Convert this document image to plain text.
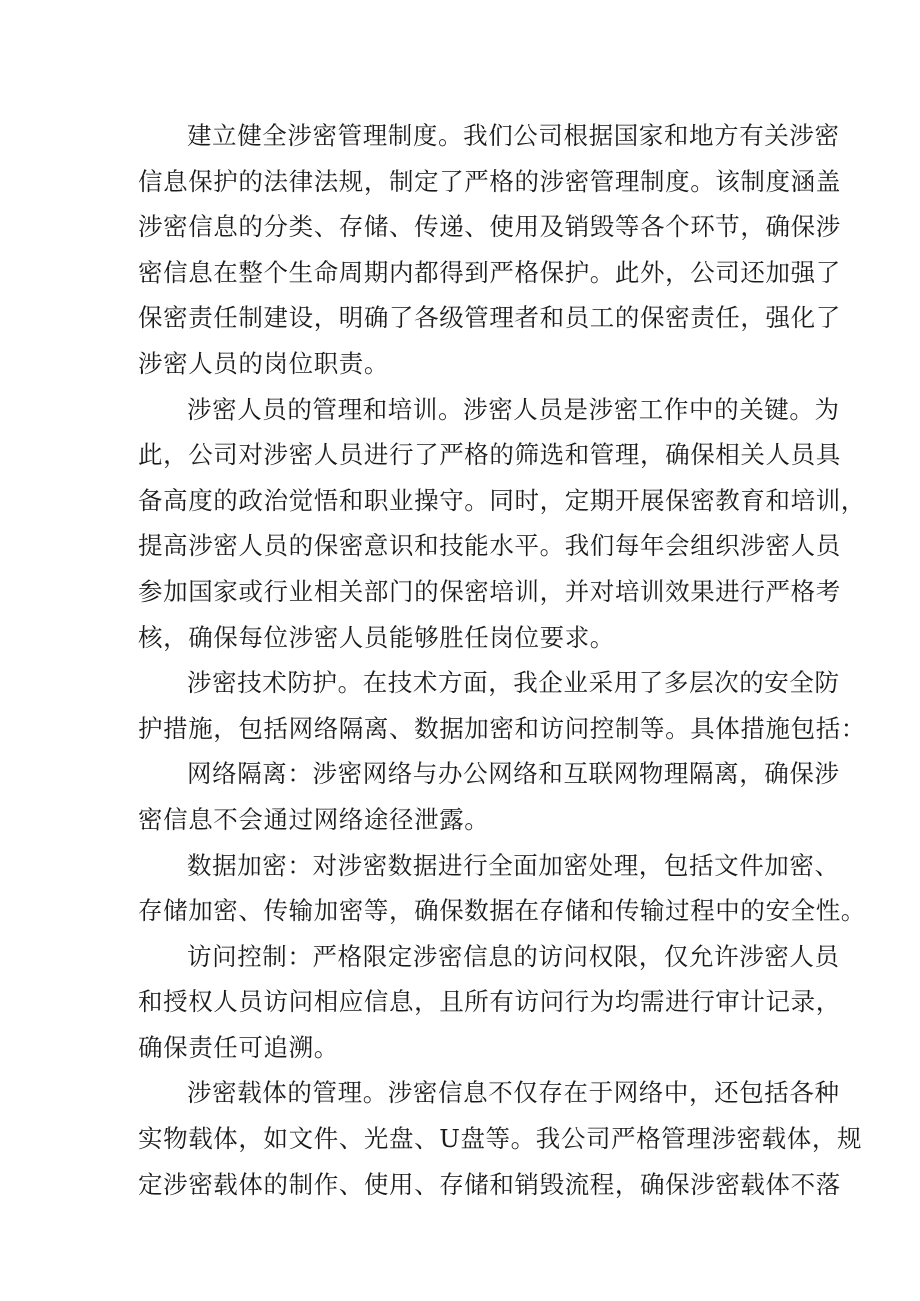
建立健全涉密管理制度。我们公司根据国家和地方有关涉密
信息保护的法律法规，制定了严格的涉密管理制度。该制度涵盖
涉密信息的分类、存储、传递、使用及销毁等各个环节，确保涉
密信息在整个生命周期内都得到严格保护。此外，公司还加强了
保密责任制建设，明确了各级管理者和员工的保密责任，强化了
涉密人员的岗位职责。
涉密人员的管理和培训。涉密人员是涉密工作中的关键。为
此，公司对涉密人员进行了严格的筛选和管理，确保相关人员具
备高度的政治觉悟和职业操守。同时，定期开展保密教育和培训，
提高涉密人员的保密意识和技能水平。我们每年会组织涉密人员
参加国家或行业相关部门的保密培训，并对培训效果进行严格考
核，确保每位涉密人员能够胜任岗位要求。
涉密技术防护。在技术方面，我企业采用了多层次的安全防
护措施，包括网络隔离、数据加密和访问控制等。具体措施包括：
网络隔离：涉密网络与办公网络和互联网物理隔离，确保涉
密信息不会通过网络途径泄露。
数据加密：对涉密数据进行全面加密处理，包括文件加密、
存储加密、传输加密等，确保数据在存储和传输过程中的安全性。
访问控制：严格限定涉密信息的访问权限，仅允许涉密人员
和授权人员访问相应信息，且所有访问行为均需进行审计记录，
确保责任可追溯。
涉密载体的管理。涉密信息不仅存在于网络中，还包括各种
实物载体，如文件、光盘、U盘等。我公司严格管理涉密载体，规
定涉密载体的制作、使用、存储和销毁流程，确保涉密载体不落
